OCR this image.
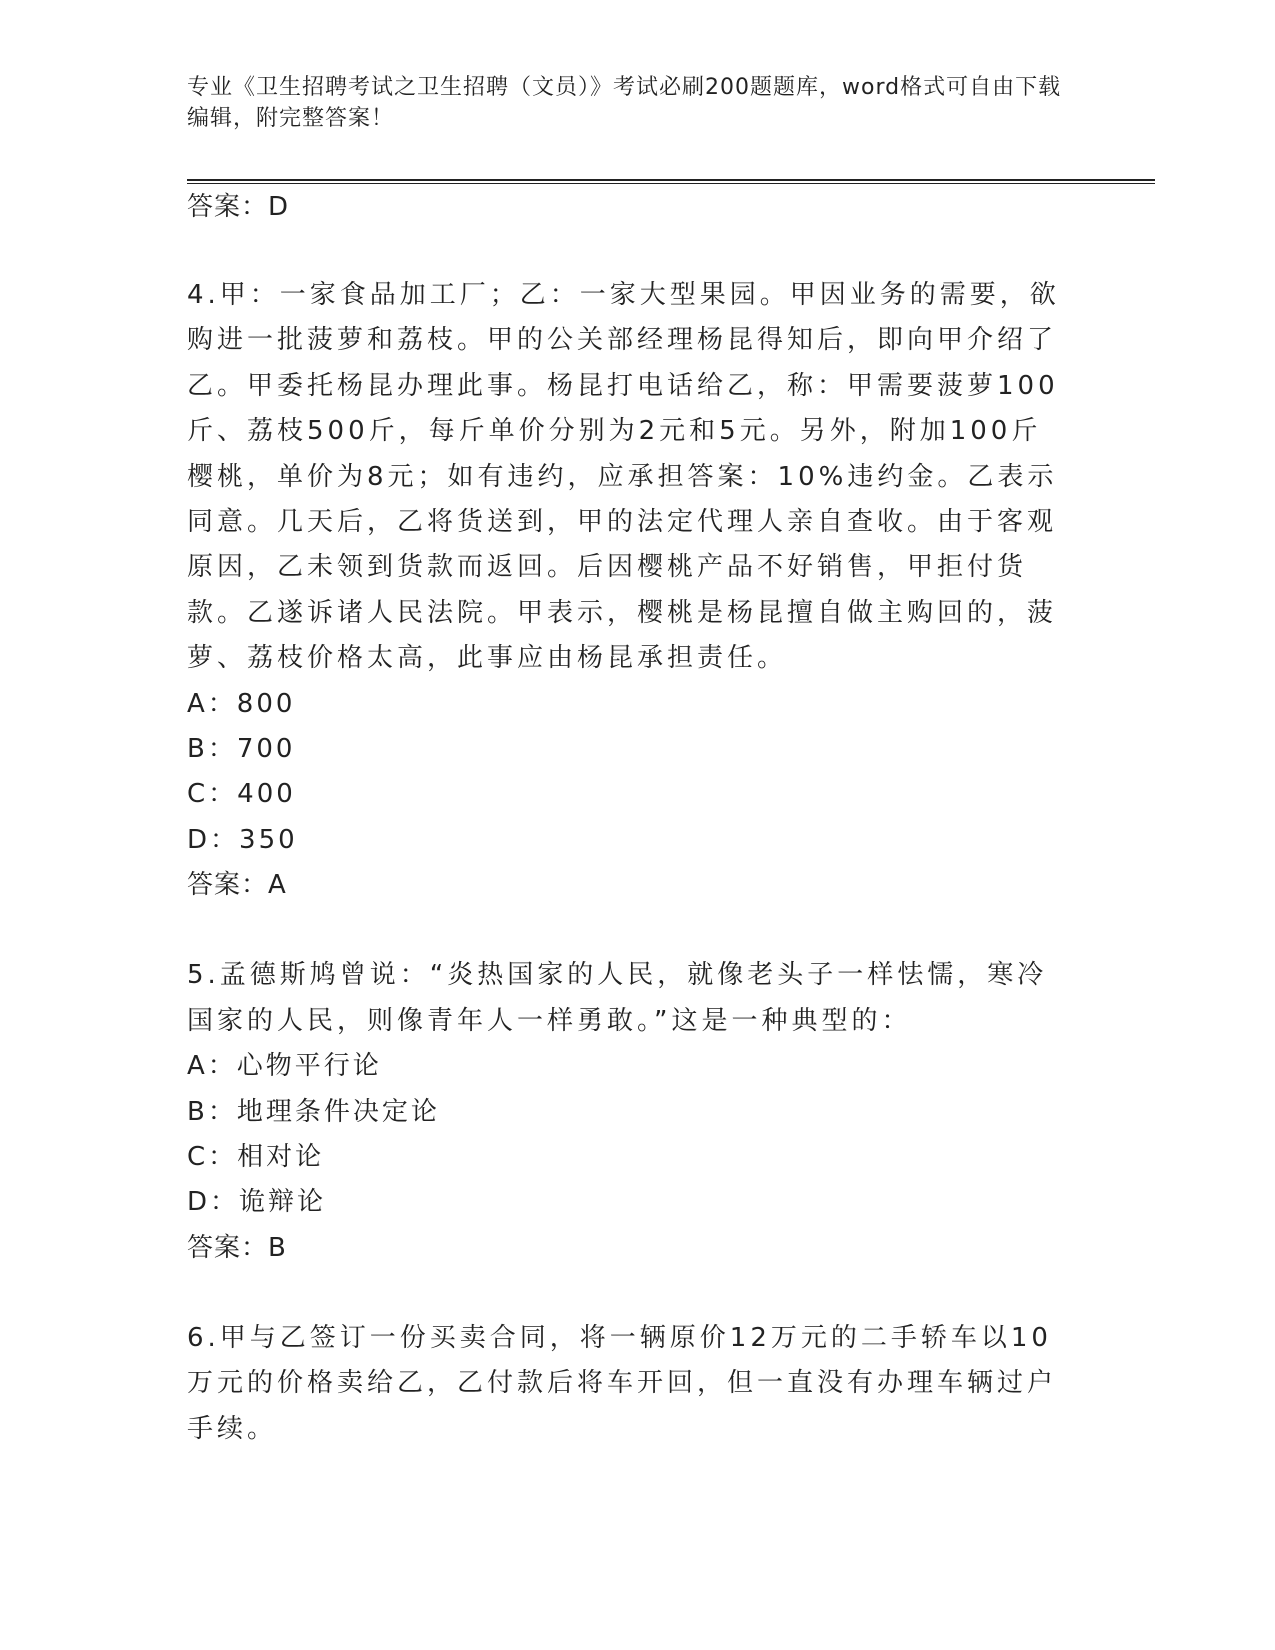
专业《卫生招聘考试之卫生招聘（文员）》考试必刷200题题库，word格式可自由下载编辑，附完整答案！
答案：D

4.甲：一家食品加工厂；乙：一家大型果园。甲因业务的需要，欲购进一批菠萝和荔枝。甲的公关部经理杨昆得知后，即向甲介绍了乙。甲委托杨昆办理此事。杨昆打电话给乙，称：甲需要菠萝100斤、荔枝500斤，每斤单价分别为2元和5元。另外，附加100斤樱桃，单价为8元；如有违约，应承担答案：10%违约金。乙表示同意。几天后，乙将货送到，甲的法定代理人亲自查收。由于客观原因，乙未领到货款而返回。后因樱桃产品不好销售，甲拒付货款。乙遂诉诸人民法院。甲表示，樱桃是杨昆擅自做主购回的，菠萝、荔枝价格太高，此事应由杨昆承担责任。

A：800
B：700
C：400
D：350
答案：A

5.孟德斯鸠曾说：“炎热国家的人民，就像老头子一样怯懦，寒冷国家的人民，则像青年人一样勇敢。”这是一种典型的：

A：心物平行论
B：地理条件决定论
C：相对论
D：诡辩论
答案：B

6.甲与乙签订一份买卖合同，将一辆原价12万元的二手轿车以10万元的价格卖给乙，乙付款后将车开回，但一直没有办理车辆过户手续。
